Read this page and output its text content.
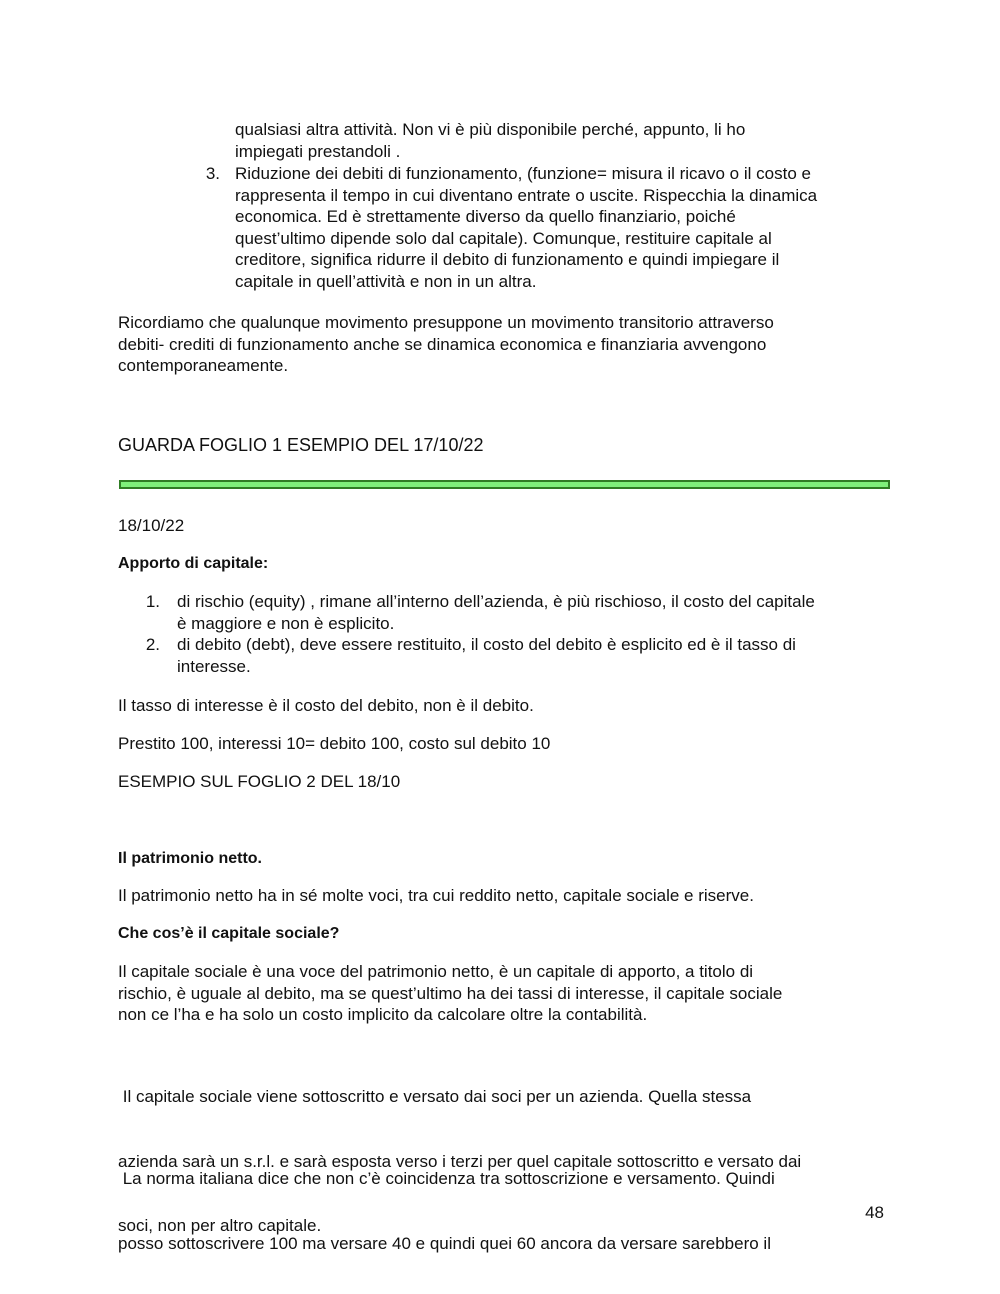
qualsiasi altra attività. Non vi è più disponibile perché, appunto, li ho
impiegati prestandoli .
3. Riduzione dei debiti di funzionamento, (funzione= misura il ricavo o il costo e
rappresenta il tempo in cui diventano entrate o uscite. Rispecchia la dinamica
economica. Ed è strettamente diverso da quello finanziario, poiché
quest’ultimo dipende solo dal capitale). Comunque, restituire capitale al
creditore, significa ridurre il debito di funzionamento e quindi impiegare il
capitale in quell’attività e non in un altra.
Ricordiamo che qualunque movimento presuppone un movimento transitorio attraverso
debiti- crediti di funzionamento anche se dinamica economica e finanziaria avvengono
contemporaneamente.
GUARDA FOGLIO 1 ESEMPIO DEL 17/10/22
18/10/22
Apporto di capitale:
1. di rischio (equity) , rimane all’interno dell’azienda, è più rischioso, il costo del capitale
è maggiore e non è esplicito.
2. di debito (debt), deve essere restituito, il costo del debito è esplicito ed è il tasso di
interesse.
Il tasso di interesse è il costo del debito, non è il debito.
Prestito 100, interessi 10= debito 100, costo sul debito 10
ESEMPIO SUL FOGLIO 2 DEL 18/10
Il patrimonio netto.
Il patrimonio netto ha in sé molte voci, tra cui reddito netto, capitale sociale e riserve.
Che cos’è il capitale sociale?
Il capitale sociale è una voce del patrimonio netto, è un capitale di apporto, a titolo di
rischio, è uguale al debito, ma se quest’ultimo ha dei tassi di interesse, il capitale sociale
non ce l’ha e ha solo un costo implicito da calcolare oltre la contabilità.

Il capitale sociale viene sottoscritto e versato dai soci per un azienda. Quella stessa

azienda sarà un s.r.l. e sarà esposta verso i terzi per quel capitale sottoscritto e versato dai

soci, non per altro capitale.

La norma italiana dice che non c’è coincidenza tra sottoscrizione e versamento. Quindi

posso sottoscrivere 100 ma versare 40 e quindi quei 60 ancora da versare sarebbero il

48
